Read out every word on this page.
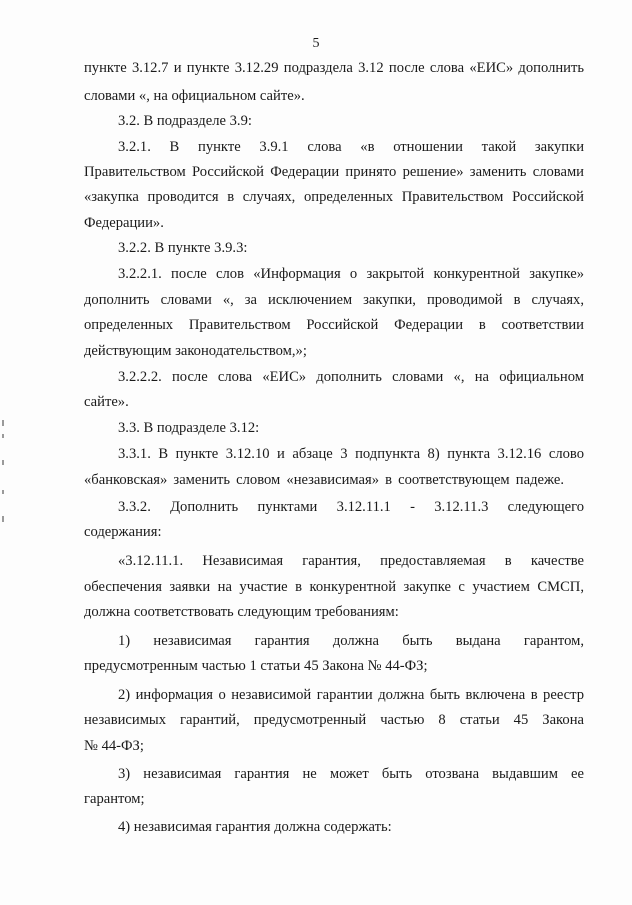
5
пункте 3.12.7 и пункте 3.12.29 подраздела 3.12 после слова «ЕИС» дополнить
словами «, на официальном сайте».
3.2. В подразделе 3.9:
3.2.1. В пункте 3.9.1 слова «в отношении такой закупки
Правительством Российской Федерации принято решение» заменить словами
«закупка проводится в случаях, определенных Правительством Российской
Федерации».
3.2.2. В пункте 3.9.3:
3.2.2.1. после слов «Информация о закрытой конкурентной закупке»
дополнить словами «, за исключением закупки, проводимой в случаях,
определенных Правительством Российской Федерации в соответствии
действующим законодательством,»;
3.2.2.2. после слова «ЕИС» дополнить словами «, на официальном
сайте».
3.3. В подразделе 3.12:
3.3.1. В пункте 3.12.10 и абзаце 3 подпункта 8) пункта 3.12.16 слово
«банковская» заменить словом «независимая» в соответствующем падеже.
3.3.2. Дополнить пунктами 3.12.11.1 - 3.12.11.3 следующего
содержания:
«3.12.11.1. Независимая гарантия, предоставляемая в качестве
обеспечения заявки на участие в конкурентной закупке с участием СМСП,
должна соответствовать следующим требованиям:
1) независимая гарантия должна быть выдана гарантом,
предусмотренным частью 1 статьи 45 Закона № 44-ФЗ;
2) информация о независимой гарантии должна быть включена в реестр
независимых гарантий, предусмотренный частью 8 статьи 45 Закона
№ 44-ФЗ;
3) независимая гарантия не может быть отозвана выдавшим ее
гарантом;
4) независимая гарантия должна содержать:
